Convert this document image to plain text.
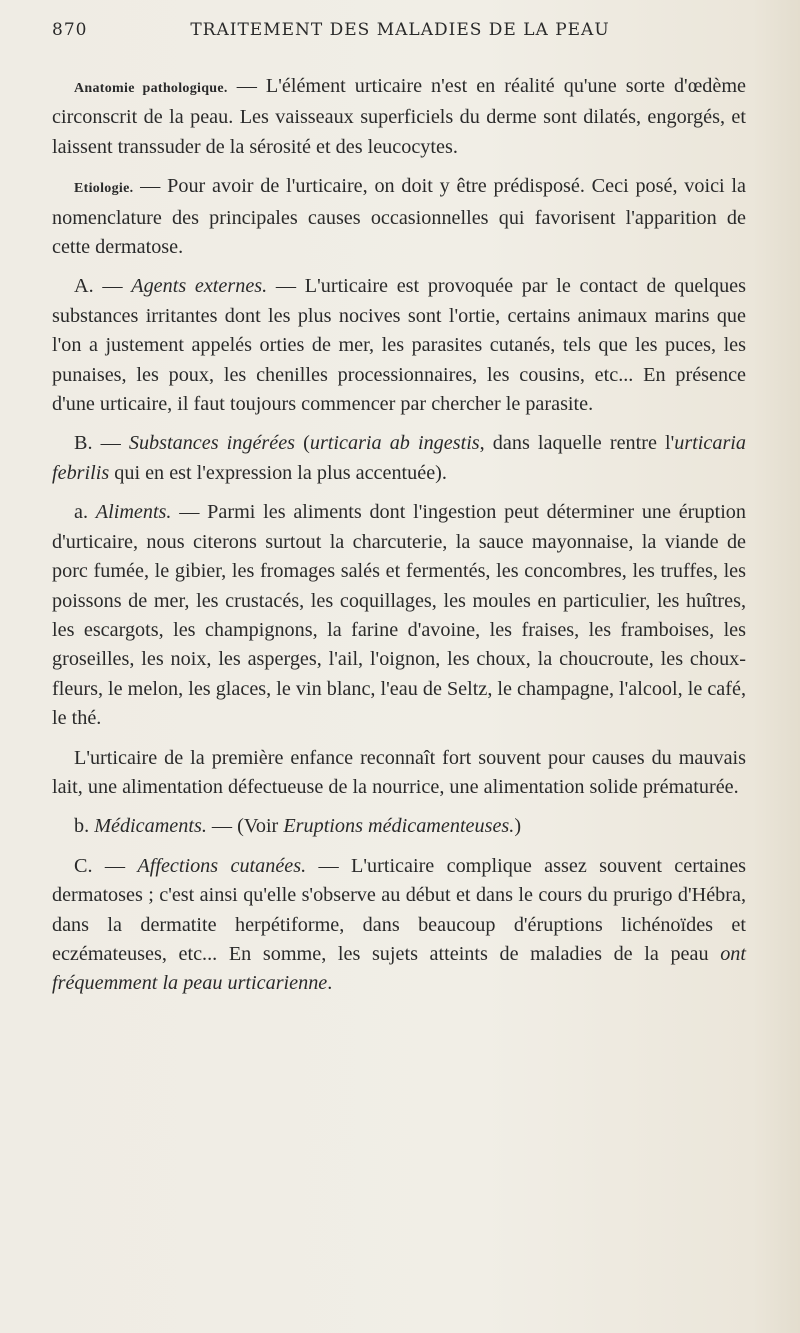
870	TRAITEMENT DES MALADIES DE LA PEAU

Anatomie pathologique. — L'élément urticaire n'est en réalité qu'une sorte d'œdème circonscrit de la peau. Les vaisseaux superficiels du derme sont dilatés, engorgés, et laissent transsuder de la sérosité et des leucocytes.

Etiologie. — Pour avoir de l'urticaire, on doit y être prédisposé. Ceci posé, voici la nomenclature des principales causes occasionnelles qui favorisent l'apparition de cette dermatose.

A. — Agents externes. — L'urticaire est provoquée par le contact de quelques substances irritantes dont les plus nocives sont l'ortie, certains animaux marins que l'on a justement appelés orties de mer, les parasites cutanés, tels que les puces, les punaises, les poux, les chenilles processionnaires, les cousins, etc... En présence d'une urticaire, il faut toujours commencer par chercher le parasite.

B. — Substances ingérées (urticaria ab ingestis, dans laquelle rentre l'urticaria febrilis qui en est l'expression la plus accentuée).

a. Aliments. — Parmi les aliments dont l'ingestion peut déterminer une éruption d'urticaire, nous citerons surtout la charcuterie, la sauce mayonnaise, la viande de porc fumée, le gibier, les fromages salés et fermentés, les concombres, les truffes, les poissons de mer, les crustacés, les coquillages, les moules en particulier, les huîtres, les escargots, les champignons, la farine d'avoine, les fraises, les framboises, les groseilles, les noix, les asperges, l'ail, l'oignon, les choux, la choucroute, les choux-fleurs, le melon, les glaces, le vin blanc, l'eau de Seltz, le champagne, l'alcool, le café, le thé.

L'urticaire de la première enfance reconnaît fort souvent pour causes du mauvais lait, une alimentation défectueuse de la nourrice, une alimentation solide prématurée.

b. Médicaments. — (Voir Eruptions médicamenteuses.)

C. — Affections cutanées. — L'urticaire complique assez souvent certaines dermatoses ; c'est ainsi qu'elle s'observe au début et dans le cours du prurigo d'Hébra, dans la dermatite herpétiforme, dans beaucoup d'éruptions lichénoïdes et eczémateuses, etc... En somme, les sujets atteints de maladies de la peau ont fréquemment la peau urticarienne.
